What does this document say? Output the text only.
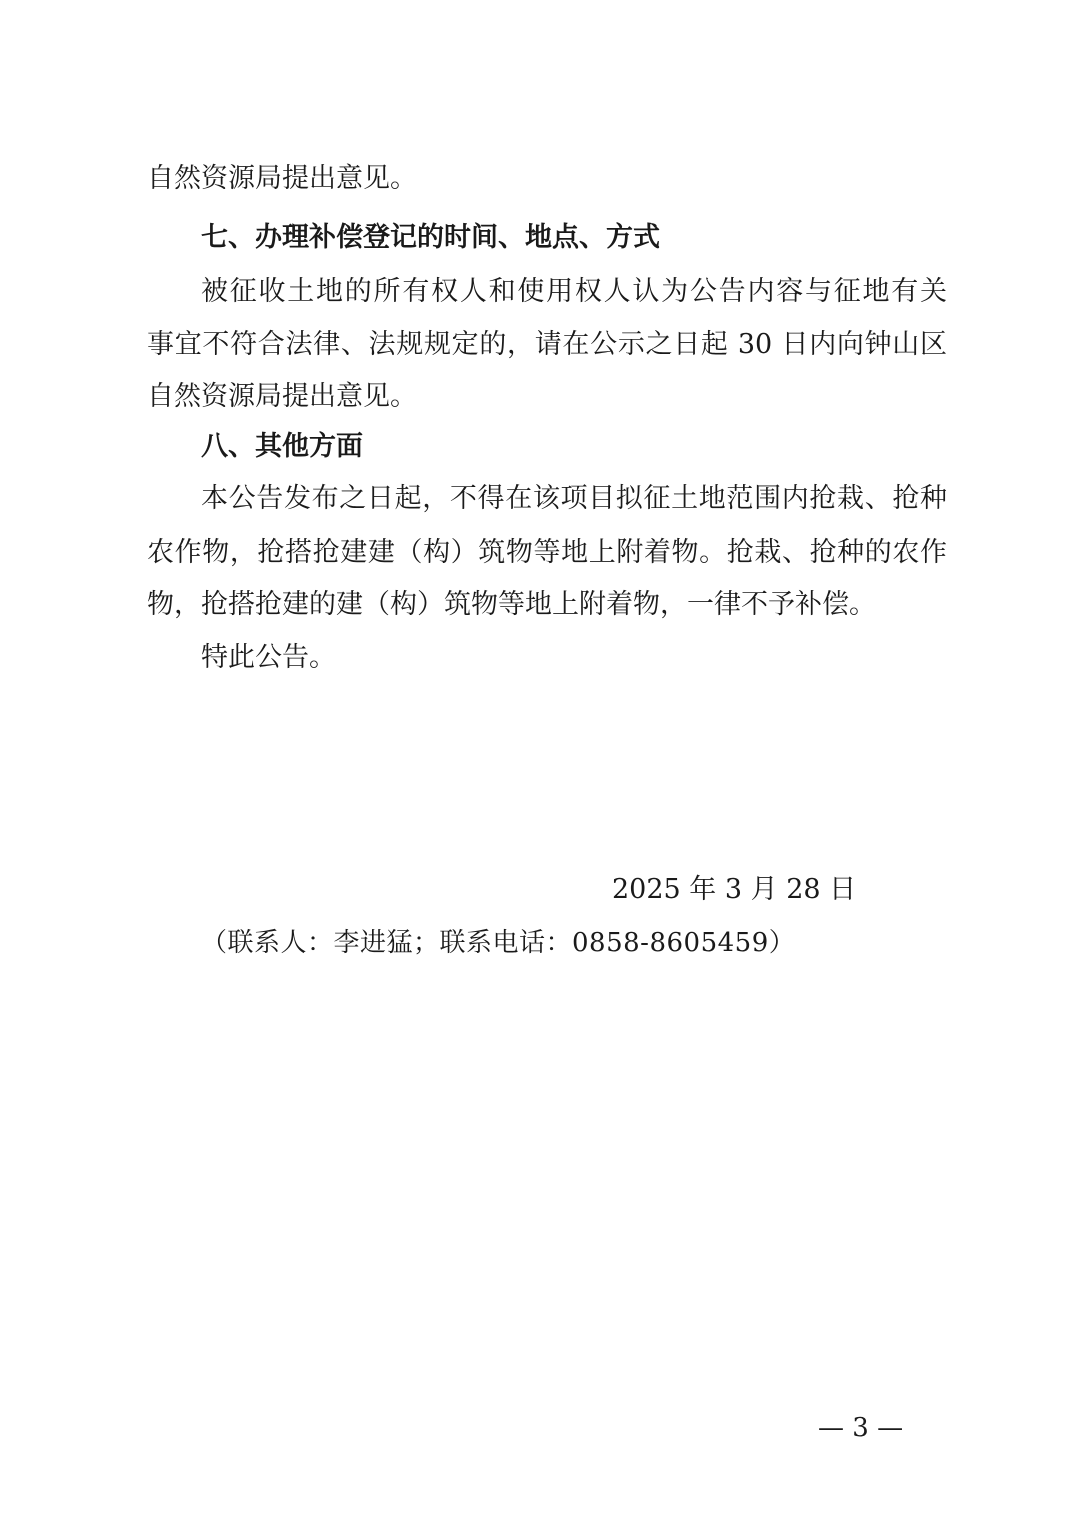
自然资源局提出意见。
七、办理补偿登记的时间、地点、方式
被征收土地的所有权人和使用权人认为公告内容与征地有关
事宜不符合法律、法规规定的，请在公示之日起 30 日内向钟山区
自然资源局提出意见。
八、其他方面
本公告发布之日起，不得在该项目拟征土地范围内抢栽、抢种
农作物，抢搭抢建建（构）筑物等地上附着物。抢栽、抢种的农作
物，抢搭抢建的建（构）筑物等地上附着物，一律不予补偿。
特此公告。
2025 年 3 月 28 日
（联系人：李进猛；联系电话：0858-8605459）
— 3 —
